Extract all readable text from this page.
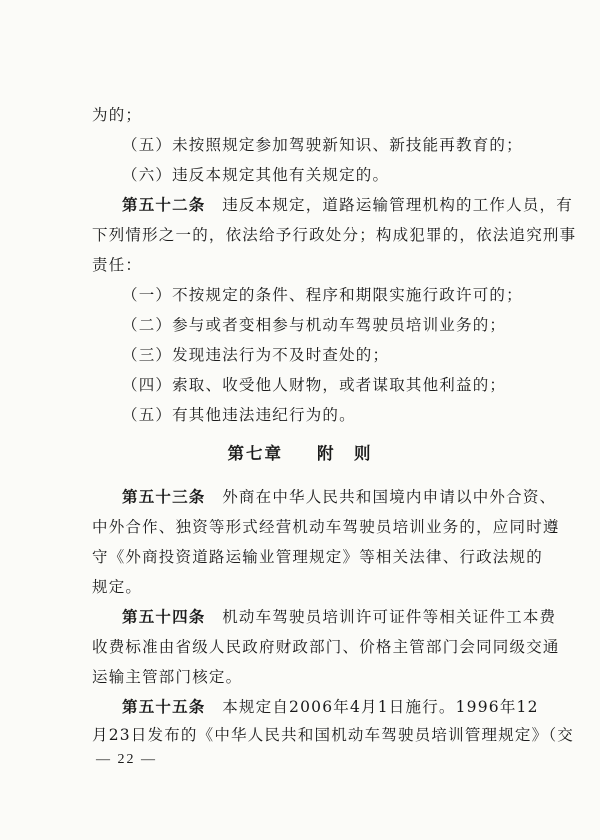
为的；
（五）未按照规定参加驾驶新知识、新技能再教育的；
（六）违反本规定其他有关规定的。
第五十二条　 违反本规定，道路运输管理机构的工作人员，有
下列情形之一的，依法给予行政处分；构成犯罪的，依法追究刑事
责任：
（一）不按规定的条件、程序和期限实施行政许可的；
（二）参与或者变相参与机动车驾驶员培训业务的；
（三）发现违法行为不及时查处的；
（四）索取、收受他人财物，或者谋取其他利益的；
（五）有其他违法违纪行为的。
第七章 附　则
第五十三条　 外商在中华人民共和国境内申请以中外合资、
中外合作、独资等形式经营机动车驾驶员培训业务的，应同时遵
守《外商投资道路运输业管理规定》等相关法律、行政法规的
规定。
第五十四条　 机动车驾驶员培训许可证件等相关证件工本费
收费标准由省级人民政府财政部门、价格主管部门会同同级交通
运输主管部门核定。
第五十五条　 本规定自2006年4月1日施行。1996年12
月23日发布的《中华人民共和国机动车驾驶员培训管理规定》（交
— 22 —
